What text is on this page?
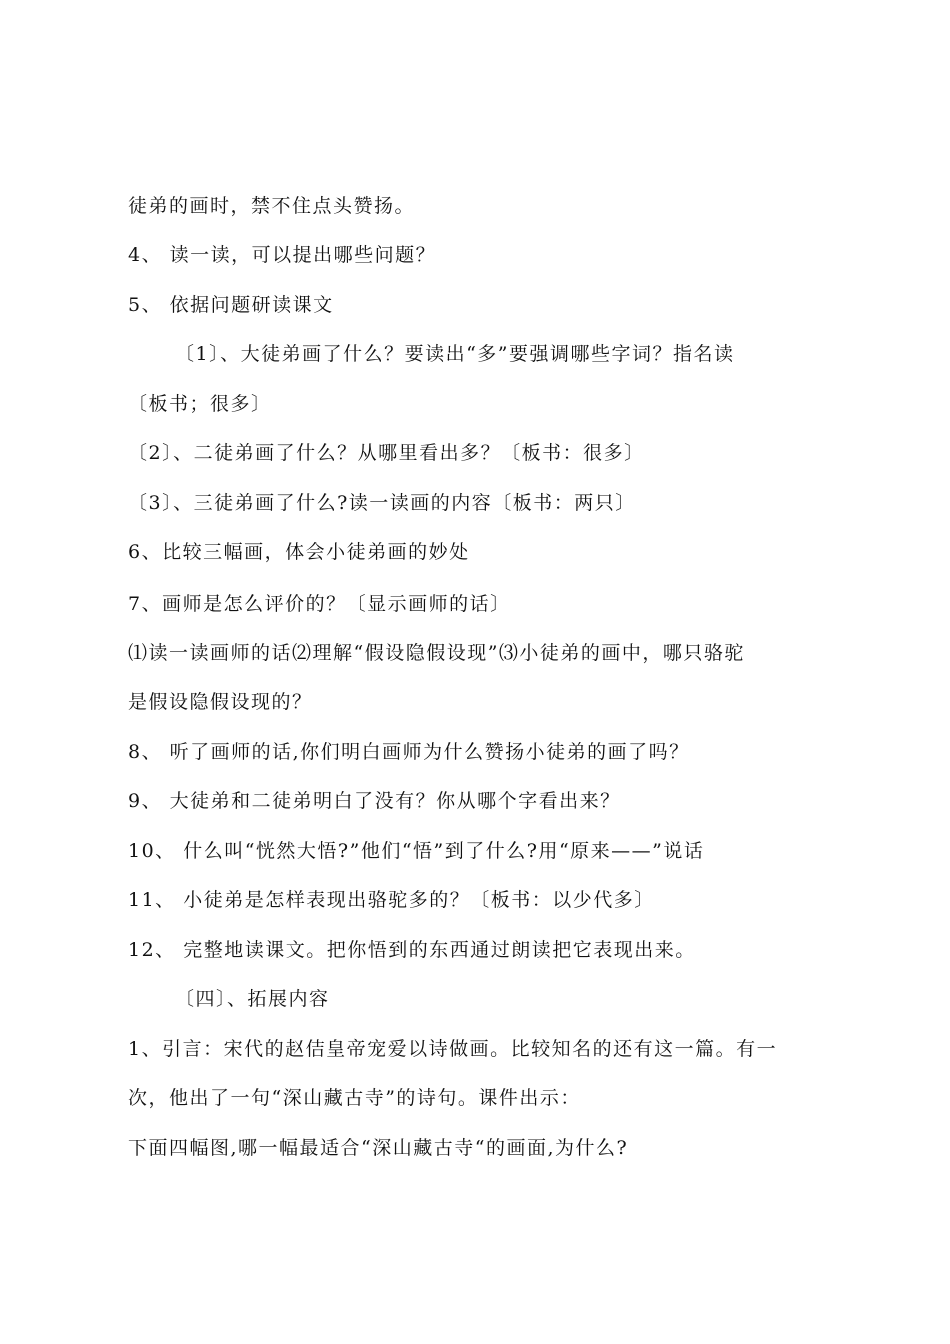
徒弟的画时，禁不住点头赞扬。
4、 读一读，可以提出哪些问题？
5、 依据问题研读课文
〔1〕、大徒弟画了什么？要读出“多”要强调哪些字词？指名读
〔板书；很多〕
〔2〕、二徒弟画了什么？从哪里看出多？〔板书：很多〕
〔3〕、三徒弟画了什么?读一读画的内容〔板书：两只〕
6、比较三幅画，体会小徒弟画的妙处
7、画师是怎么评价的？〔显示画师的话〕
⑴读一读画师的话⑵理解“假设隐假设现”⑶小徒弟的画中，哪只骆驼
是假设隐假设现的？
8、 听了画师的话,你们明白画师为什么赞扬小徒弟的画了吗？
9、 大徒弟和二徒弟明白了没有？你从哪个字看出来？
10、 什么叫“恍然大悟?”他们“悟”到了什么?用“原来——”说话
11、 小徒弟是怎样表现出骆驼多的？〔板书：以少代多〕
12、 完整地读课文。把你悟到的东西通过朗读把它表现出来。
〔四〕、拓展内容
1、引言：宋代的赵佶皇帝宠爱以诗做画。比较知名的还有这一篇。有一
次，他出了一句“深山藏古寺”的诗句。课件出示：
下面四幅图,哪一幅最适合“深山藏古寺“的画面,为什么?
